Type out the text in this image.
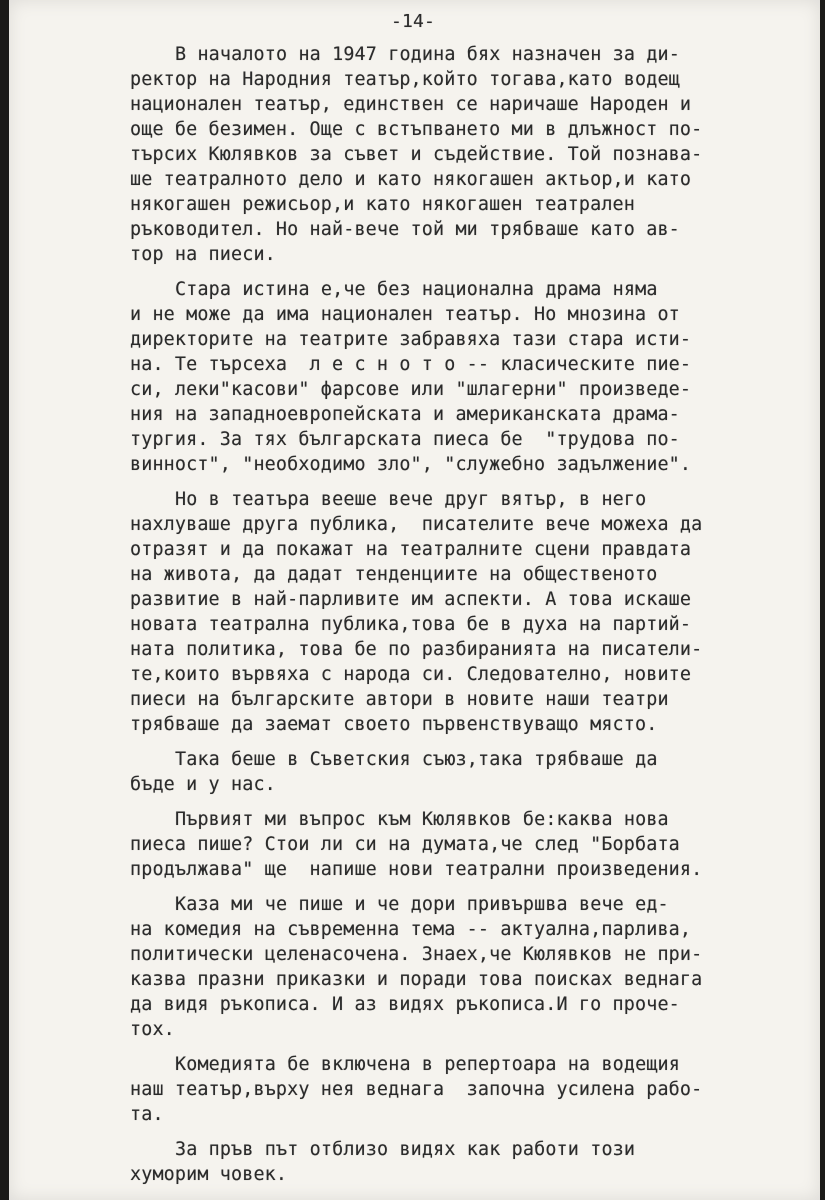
-14-
В началото на 1947 година бях назначен за ди-
ректор на Народния театър,който тогава,като водещ
национален театър, единствен се наричаше Народен и
още бе безимен. Още с встъпването ми в длъжност по-
търсих Кюлявков за съвет и съдействие. Той познава-
ше театралното дело и като някогашен актьор,и като
някогашен режисьор,и като някогашен театрален
ръководител. Но най-вече той ми трябваше като ав-
тор на пиеси.
Стара истина е,че без национална драма няма
и не може да има национален театър. Но мнозина от
директорите на театрите забравяха тази стара исти-
на. Те търсеха  л е с н о т о -- класическите пие-
си, леки"касови" фарсове или "шлагерни" произведе-
ния на западноевропейската и американската драма-
тургия. За тях българската пиеса бе  "трудова по-
винност", "необходимо зло", "служебно задължение".
Но в театъра вееше вече друг вятър, в него
нахлуваше друга публика,  писателите вече можеха да
отразят и да покажат на театралните сцени правдата
на живота, да дадат тенденциите на общественото
развитие в най-парливите им аспекти. А това искаше
новата театрална публика,това бе в духа на партий-
ната политика, това бе по разбиранията на писатели-
те,които вървяха с народа си. Следователно, новите
пиеси на българските автори в новите наши театри
трябваше да заемат своето първенствуващо място.
Така беше в Съветския съюз,така трябваше да
бъде и у нас.
Първият ми въпрос към Кюлявков бе:каква нова
пиеса пише? Стои ли си на думата,че след "Борбата
продължава" ще  напише нови театрални произведения.
Каза ми че пише и че дори привършва вече ед-
на комедия на съвременна тема -- актуална,парлива,
политически целенасочена. Знаех,че Кюлявков не при-
казва празни приказки и поради това поисках веднага
да видя ръкописа. И аз видях ръкописа.И го проче-
тох.
Комедията бе включена в репертоара на водещия
наш театър,върху нея веднага  започна усилена рабо-
та.
За пръв път отблизо видях как работи този
хуморим човек.
